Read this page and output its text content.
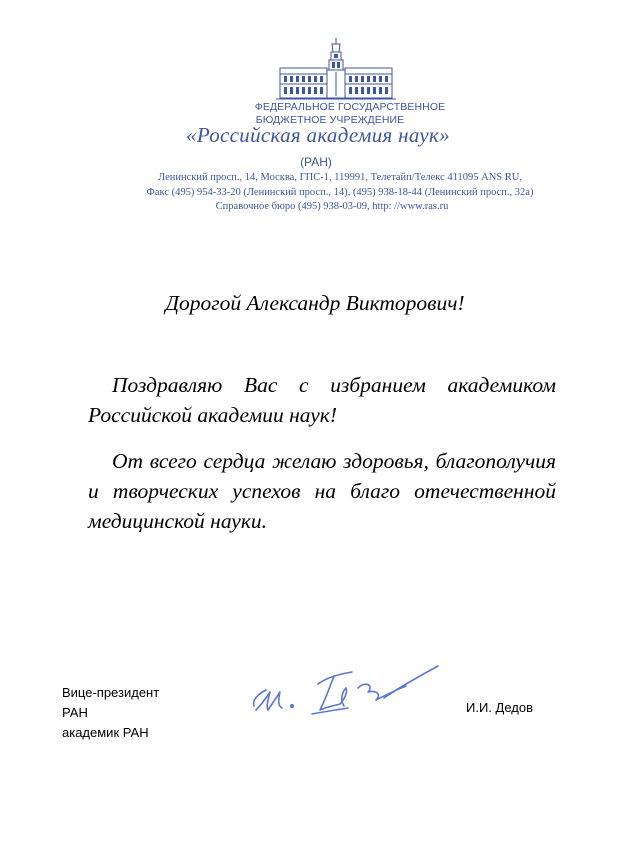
ФЕДЕРАЛЬНОЕ ГОСУДАРСТВЕННОЕ
БЮДЖЕТНОЕ УЧРЕЖДЕНИЕ
«Российская академия наук»
(РАН)
Ленинский просп., 14, Москва, ГПС-1, 119991, Телетайп/Телекс 411095 ANS RU,
Факс (495) 954-33-20 (Ленинский просп., 14), (495) 938-18-44 (Ленинский просп., 32а)
Справочное бюро (495) 938-03-09, http: //www.ras.ru
Дорогой Александр Викторович!

Поздравляю Вас с избранием академиком Российской академии наук!

От всего сердца желаю здоровья, благополучия и творческих успехов на благо отечественной медицинской науки.

Вице-президент
РАН
академик РАН
И.И. Дедов
